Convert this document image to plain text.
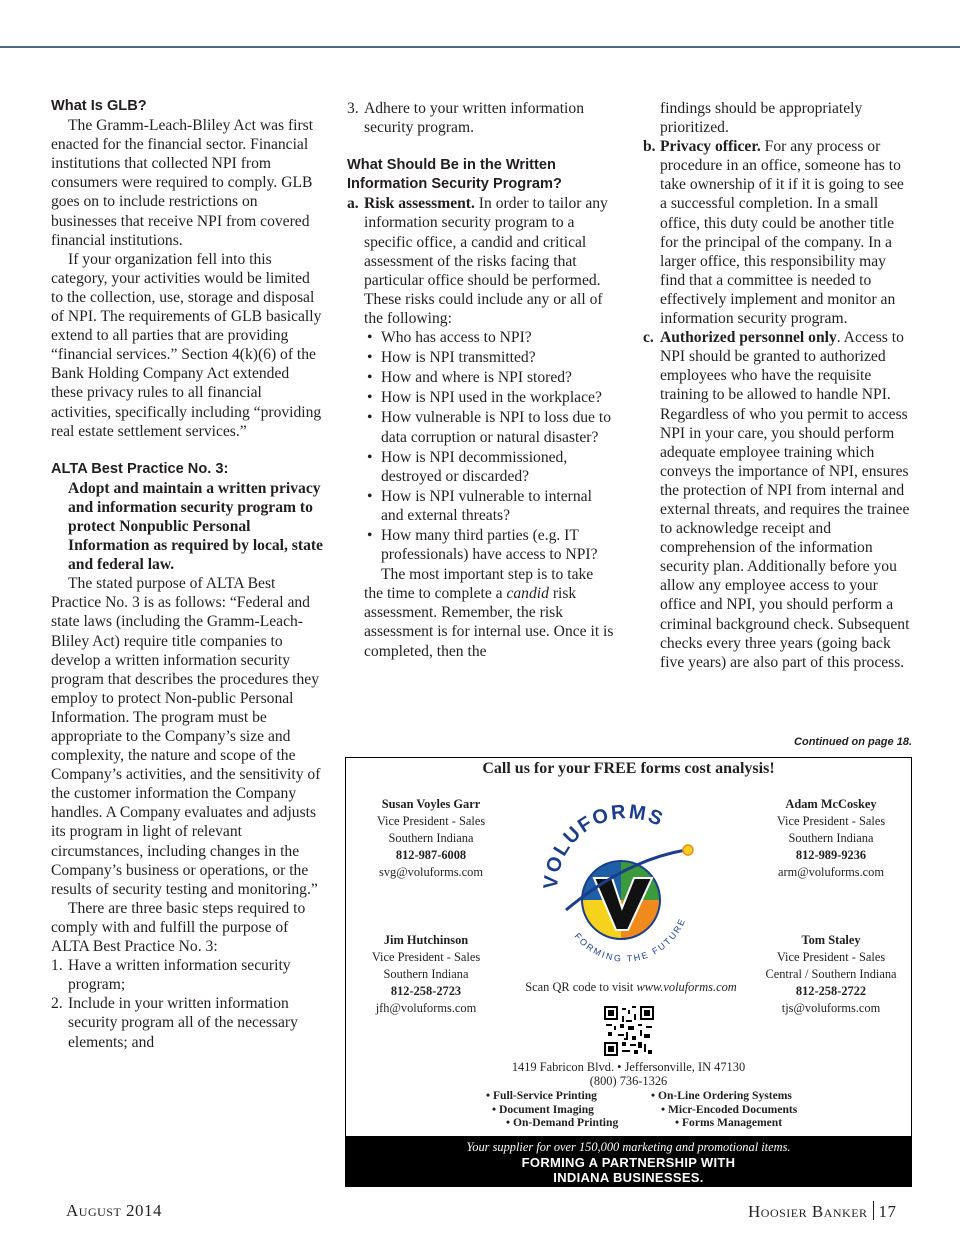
What Is GLB?

The Gramm-Leach-Bliley Act was first enacted for the financial sector. Financial institutions that collected NPI from consumers were required to comply. GLB goes on to include restrictions on businesses that receive NPI from covered financial institutions.

If your organization fell into this category, your activities would be limited to the collection, use, storage and disposal of NPI. The requirements of GLB basically extend to all parties that are providing “financial services.” Section 4(k)(6) of the Bank Holding Company Act extended these privacy rules to all financial activities, specifically including “providing real estate settlement services.”

ALTA Best Practice No. 3:

Adopt and maintain a written privacy and information security program to protect Nonpublic Personal Information as required by local, state and federal law.

The stated purpose of ALTA Best Practice No. 3 is as follows: “Federal and state laws (including the Gramm-Leach-Bliley Act) require title companies to develop a written information security program that describes the procedures they employ to protect Non-public Personal Information. The program must be appropriate to the Company’s size and complexity, the nature and scope of the Company’s activities, and the sensitivity of the customer information the Company handles. A Company evaluates and adjusts its program in light of relevant circumstances, including changes in the Company’s business or operations, or the results of security testing and monitoring.”

There are three basic steps required to comply with and fulfill the purpose of ALTA Best Practice No. 3:

1. Have a written information security program;
2. Include in your written information security program all of the necessary elements; and
3. Adhere to your written information security program.

What Should Be in the Written Information Security Program?

a. Risk assessment. In order to tailor any information security program to a specific office, a candid and critical assessment of the risks facing that particular office should be performed. These risks could include any or all of the following:

• Who has access to NPI?
• How is NPI transmitted?
• How and where is NPI stored?
• How is NPI used in the workplace?
• How vulnerable is NPI to loss due to data corruption or natural disaster?
• How is NPI decommissioned, destroyed or discarded?
• How is NPI vulnerable to internal and external threats?
• How many third parties (e.g. IT professionals) have access to NPI?

The most important step is to take the time to complete a candid risk assessment. Remember, the risk assessment is for internal use. Once it is completed, then the

findings should be appropriately prioritized.

b. Privacy officer. For any process or procedure in an office, someone has to take ownership of it if it is going to see a successful completion. In a small office, this duty could be another title for the principal of the company. In a larger office, this responsibility may find that a committee is needed to effectively implement and monitor an information security program.

c. Authorized personnel only. Access to NPI should be granted to authorized employees who have the requisite training to be allowed to handle NPI. Regardless of who you permit to access NPI in your care, you should perform adequate employee training which conveys the importance of NPI, ensures the protection of NPI from internal and external threats, and requires the trainee to acknowledge receipt and comprehension of the information security plan. Additionally before you allow any employee access to your office and NPI, you should perform a criminal background check. Subsequent checks every three years (going back five years) are also part of this process.

Continued on page 18.
Call us for your FREE forms cost analysis!
Susan Voyles Garr
Vice President - Sales
Southern Indiana
812-987-6008
svg@voluforms.com
Adam McCoskey
Vice President - Sales
Southern Indiana
812-989-9236
arm@voluforms.com
Jim Hutchinson
Vice President - Sales
Southern Indiana
812-258-2723
jfh@voluforms.com
Tom Staley
Vice President - Sales
Central / Southern Indiana
812-258-2722
tjs@voluforms.com
VOLUFORMS
FORMING THE FUTURE
Scan QR code to visit www.voluforms.com
1419 Fabricon Blvd. • Jeffersonville, IN 47130
(800) 736-1326
• Full-Service Printing
• Document Imaging
• On-Demand Printing
• On-Line Ordering Systems
• Micr-Encoded Documents
• Forms Management
Your supplier for over 150,000 marketing and promotional items.
FORMING A PARTNERSHIP WITH
INDIANA BUSINESSES.
August 2014	Hoosier Banker 17
